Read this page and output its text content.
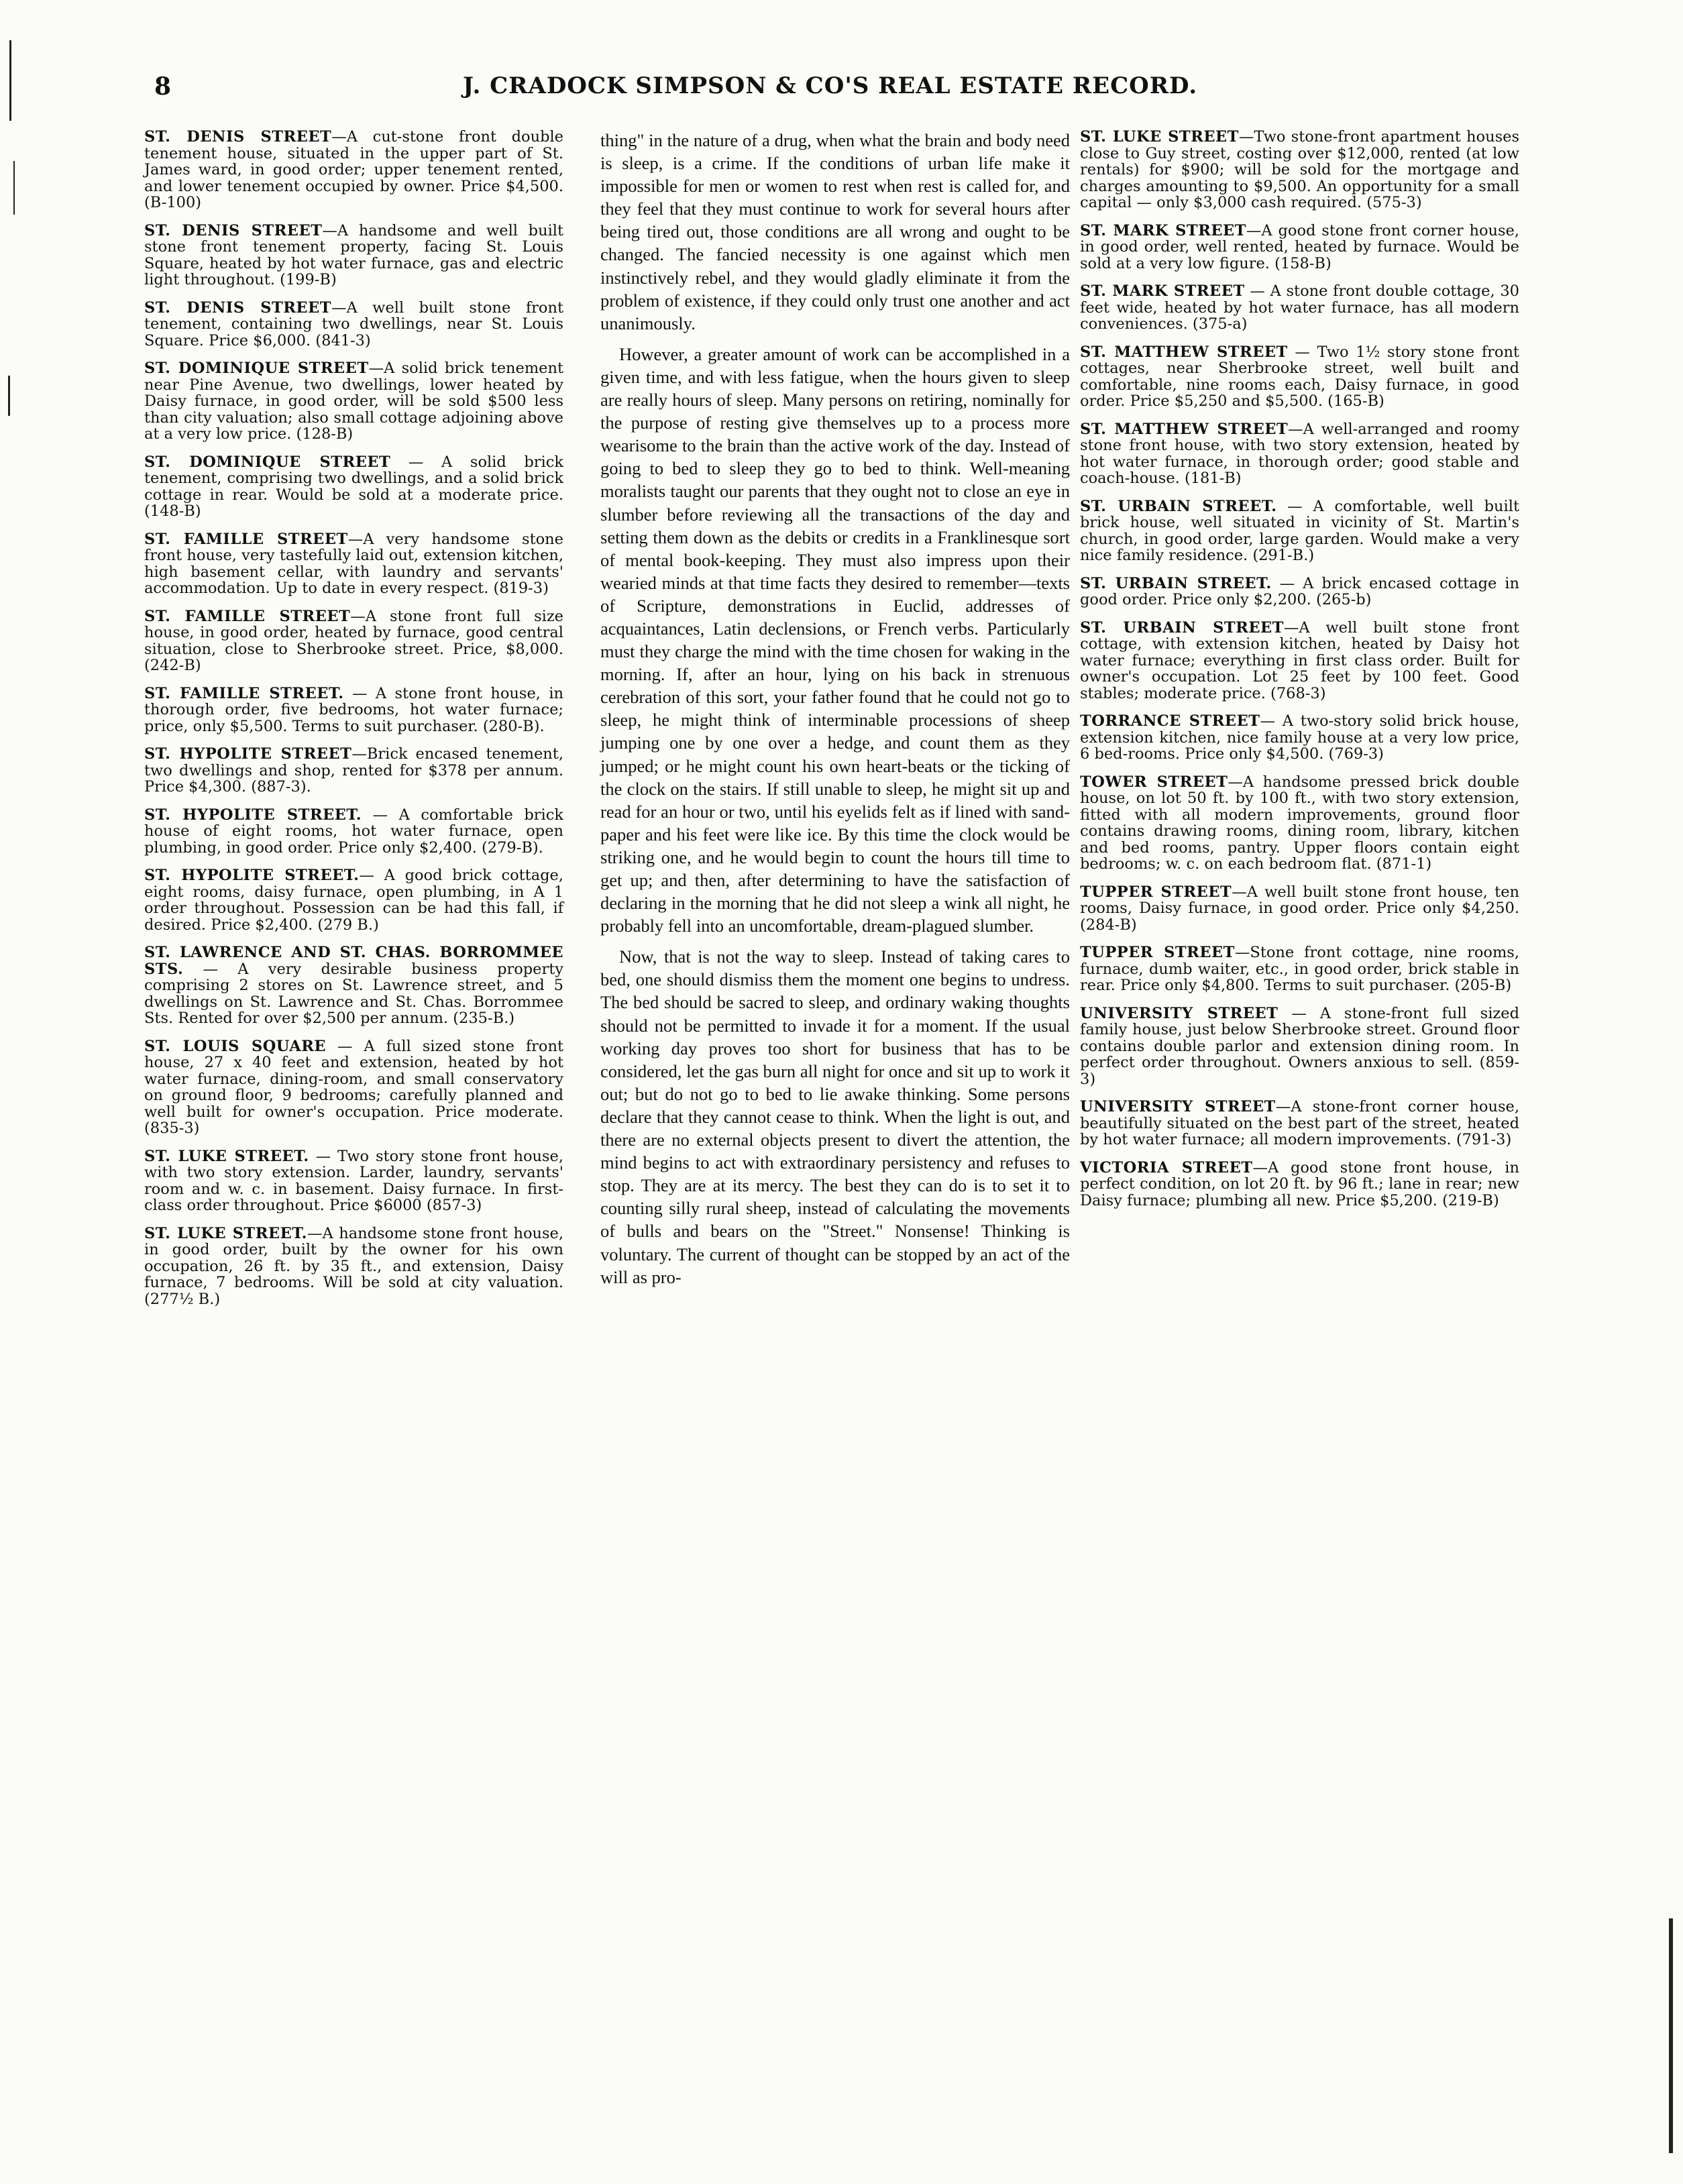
8	J. CRADOCK SIMPSON & CO'S REAL ESTATE RECORD.

ST. DENIS STREET—A cut-stone front double tenement house, situated in the upper part of St. James ward, in good order; upper tenement rented, and lower tenement occupied by owner. Price $4,500. (B-100)

ST. DENIS STREET—A handsome and well built stone front tenement property, facing St. Louis Square, heated by hot water furnace, gas and electric light throughout. (199-B)

ST. DENIS STREET—A well built stone front tenement, containing two dwellings, near St. Louis Square. Price $6,000. (841-3)

ST. DOMINIQUE STREET—A solid brick tenement near Pine Avenue, two dwellings, lower heated by Daisy furnace, in good order, will be sold $500 less than city valuation; also small cottage adjoining above at a very low price. (128-B)

ST. DOMINIQUE STREET — A solid brick tenement, comprising two dwellings, and a solid brick cottage in rear. Would be sold at a moderate price. (148-B)

ST. FAMILLE STREET—A very handsome stone front house, very tastefully laid out, extension kitchen, high basement cellar, with laundry and servants' accommodation. Up to date in every respect. (819-3)

ST. FAMILLE STREET—A stone front full size house, in good order, heated by furnace, good central situation, close to Sherbrooke street. Price, $8,000. (242-B)

ST. FAMILLE STREET. — A stone front house, in thorough order, five bedrooms, hot water furnace; price, only $5,500. Terms to suit purchaser. (280-B).

ST. HYPOLITE STREET—Brick encased tenement, two dwellings and shop, rented for $378 per annum. Price $4,300. (887-3).

ST. HYPOLITE STREET. — A comfortable brick house of eight rooms, hot water furnace, open plumbing, in good order. Price only $2,400. (279-B).

ST. HYPOLITE STREET.— A good brick cottage, eight rooms, daisy furnace, open plumbing, in A 1 order throughout. Possession can be had this fall, if desired. Price $2,400. (279 B.)

ST. LAWRENCE AND ST. CHAS. BORROMMEE STS. — A very desirable business property comprising 2 stores on St. Lawrence street, and 5 dwellings on St. Lawrence and St. Chas. Borrommee Sts. Rented for over $2,500 per annum. (235-B.)

ST. LOUIS SQUARE — A full sized stone front house, 27 x 40 feet and extension, heated by hot water furnace, dining-room, and small conservatory on ground floor, 9 bedrooms; carefully planned and well built for owner's occupation. Price moderate. (835-3)

ST. LUKE STREET. — Two story stone front house, with two story extension. Larder, laundry, servants' room and w. c. in basement. Daisy furnace. In first-class order throughout. Price $6000 (857-3)

ST. LUKE STREET.—A handsome stone front house, in good order, built by the owner for his own occupation, 26 ft. by 35 ft., and extension, Daisy furnace, 7 bedrooms. Will be sold at city valuation. (277½ B.)

thing" in the nature of a drug, when what the brain and body need is sleep, is a crime. If the conditions of urban life make it impossible for men or women to rest when rest is called for, and they feel that they must continue to work for several hours after being tired out, those conditions are all wrong and ought to be changed. The fancied necessity is one against which men instinctively rebel, and they would gladly eliminate it from the problem of existence, if they could only trust one another and act unanimously.

However, a greater amount of work can be accomplished in a given time, and with less fatigue, when the hours given to sleep are really hours of sleep. Many persons on retiring, nominally for the purpose of resting give themselves up to a process more wearisome to the brain than the active work of the day. Instead of going to bed to sleep they go to bed to think. Well-meaning moralists taught our parents that they ought not to close an eye in slumber before reviewing all the transactions of the day and setting them down as the debits or credits in a Franklinesque sort of mental book-keeping. They must also impress upon their wearied minds at that time facts they desired to remember—texts of Scripture, demonstrations in Euclid, addresses of acquaintances, Latin declensions, or French verbs. Particularly must they charge the mind with the time chosen for waking in the morning. If, after an hour, lying on his back in strenuous cerebration of this sort, your father found that he could not go to sleep, he might think of interminable processions of sheep jumping one by one over a hedge, and count them as they jumped; or he might count his own heart-beats or the ticking of the clock on the stairs. If still unable to sleep, he might sit up and read for an hour or two, until his eyelids felt as if lined with sand-paper and his feet were like ice. By this time the clock would be striking one, and he would begin to count the hours till time to get up; and then, after determining to have the satisfaction of declaring in the morning that he did not sleep a wink all night, he probably fell into an uncomfortable, dream-plagued slumber.

Now, that is not the way to sleep. Instead of taking cares to bed, one should dismiss them the moment one begins to undress. The bed should be sacred to sleep, and ordinary waking thoughts should not be permitted to invade it for a moment. If the usual working day proves too short for business that has to be considered, let the gas burn all night for once and sit up to work it out; but do not go to bed to lie awake thinking. Some persons declare that they cannot cease to think. When the light is out, and there are no external objects present to divert the attention, the mind begins to act with extraordinary persistency and refuses to stop. They are at its mercy. The best they can do is to set it to counting silly rural sheep, instead of calculating the movements of bulls and bears on the "Street." Nonsense! Thinking is voluntary. The current of thought can be stopped by an act of the will as pro-

ST. LUKE STREET—Two stone-front apartment houses close to Guy street, costing over $12,000, rented (at low rentals) for $900; will be sold for the mortgage and charges amounting to $9,500. An opportunity for a small capital — only $3,000 cash required. (575-3)

ST. MARK STREET—A good stone front corner house, in good order, well rented, heated by furnace. Would be sold at a very low figure. (158-B)

ST. MARK STREET — A stone front double cottage, 30 feet wide, heated by hot water furnace, has all modern conveniences. (375-a)

ST. MATTHEW STREET — Two 1½ story stone front cottages, near Sherbrooke street, well built and comfortable, nine rooms each, Daisy furnace, in good order. Price $5,250 and $5,500. (165-B)

ST. MATTHEW STREET—A well-arranged and roomy stone front house, with two story extension, heated by hot water furnace, in thorough order; good stable and coach-house. (181-B)

ST. URBAIN STREET. — A comfortable, well built brick house, well situated in vicinity of St. Martin's church, in good order, large garden. Would make a very nice family residence. (291-B.)

ST. URBAIN STREET. — A brick encased cottage in good order. Price only $2,200. (265-b)

ST. URBAIN STREET—A well built stone front cottage, with extension kitchen, heated by Daisy hot water furnace; everything in first class order. Built for owner's occupation. Lot 25 feet by 100 feet. Good stables; moderate price. (768-3)

TORRANCE STREET— A two-story solid brick house, extension kitchen, nice family house at a very low price, 6 bed-rooms. Price only $4,500. (769-3)

TOWER STREET—A handsome pressed brick double house, on lot 50 ft. by 100 ft., with two story extension, fitted with all modern improvements, ground floor contains drawing rooms, dining room, library, kitchen and bed rooms, pantry. Upper floors contain eight bedrooms; w. c. on each bedroom flat. (871-1)

TUPPER STREET—A well built stone front house, ten rooms, Daisy furnace, in good order. Price only $4,250. (284-B)

TUPPER STREET—Stone front cottage, nine rooms, furnace, dumb waiter, etc., in good order, brick stable in rear. Price only $4,800. Terms to suit purchaser. (205-B)

UNIVERSITY STREET — A stone-front full sized family house, just below Sherbrooke street. Ground floor contains double parlor and extension dining room. In perfect order throughout. Owners anxious to sell. (859-3)

UNIVERSITY STREET—A stone-front corner house, beautifully situated on the best part of the street, heated by hot water furnace; all modern improvements. (791-3)

VICTORIA STREET—A good stone front house, in perfect condition, on lot 20 ft. by 96 ft.; lane in rear; new Daisy furnace; plumbing all new. Price $5,200. (219-B)
